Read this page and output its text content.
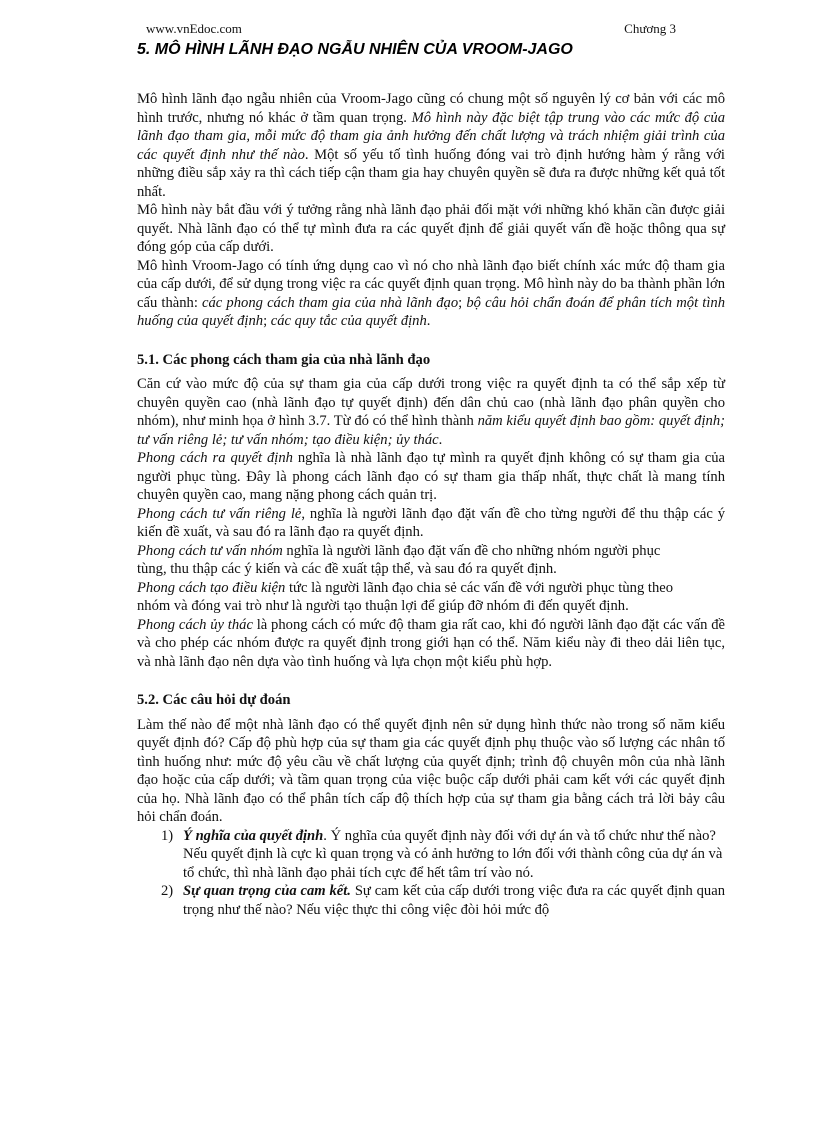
www.vnEdoc.com	Chương 3
5. MÔ HÌNH LÃNH ĐẠO NGẪU NHIÊN CỦA VROOM-JAGO

Mô hình lãnh đạo ngẫu nhiên của Vroom-Jago cũng có chung một số nguyên lý cơ bản với các mô hình trước, nhưng nó khác ở tầm quan trọng. Mô hình này đặc biệt tập trung vào các mức độ của lãnh đạo tham gia, mỗi mức độ tham gia ảnh hưởng đến chất lượng và trách nhiệm giải trình của các quyết định như thế nào. Một số yếu tố tình huống đóng vai trò định hướng hàm ý rằng với những điều sắp xảy ra thì cách tiếp cận tham gia hay chuyên quyền sẽ đưa ra được những kết quả tốt nhất.

Mô hình này bắt đầu với ý tưởng rằng nhà lãnh đạo phải đối mặt với những khó khăn cần được giải quyết. Nhà lãnh đạo có thể tự mình đưa ra các quyết định để giải quyết vấn đề hoặc thông qua sự đóng góp của cấp dưới.

Mô hình Vroom-Jago có tính ứng dụng cao vì nó cho nhà lãnh đạo biết chính xác mức độ tham gia của cấp dưới, để sử dụng trong việc ra các quyết định quan trọng. Mô hình này do ba thành phần lớn cấu thành: các phong cách tham gia của nhà lãnh đạo; bộ câu hỏi chẩn đoán để phân tích một tình huống của quyết định; các quy tắc của quyết định.

5.1. Các phong cách tham gia của nhà lãnh đạo

Căn cứ vào mức độ của sự tham gia của cấp dưới trong việc ra quyết định ta có thể sắp xếp từ chuyên quyền cao (nhà lãnh đạo tự quyết định) đến dân chủ cao (nhà lãnh đạo phân quyền cho nhóm), như minh họa ở hình 3.7. Từ đó có thể hình thành năm kiểu quyết định bao gồm: quyết định; tư vấn riêng lẻ; tư vấn nhóm; tạo điều kiện; ủy thác.

Phong cách ra quyết định nghĩa là nhà lãnh đạo tự mình ra quyết định không có sự tham gia của người phục tùng. Đây là phong cách lãnh đạo có sự tham gia thấp nhất, thực chất là mang tính chuyên quyền cao, mang nặng phong cách quản trị.

Phong cách tư vấn riêng lẻ, nghĩa là người lãnh đạo đặt vấn đề cho từng người để thu thập các ý kiến đề xuất, và sau đó ra lãnh đạo ra quyết định.

Phong cách tư vấn nhóm nghĩa là người lãnh đạo đặt vấn đề cho những nhóm người phục tùng, thu thập các ý kiến và các đề xuất tập thể, và sau đó ra quyết định.

Phong cách tạo điều kiện tức là người lãnh đạo chia sẻ các vấn đề với người phục tùng theo nhóm và đóng vai trò như là người tạo thuận lợi để giúp đỡ nhóm đi đến quyết định.

Phong cách ủy thác là phong cách có mức độ tham gia rất cao, khi đó người lãnh đạo đặt các vấn đề và cho phép các nhóm được ra quyết định trong giới hạn có thể. Năm kiểu này đi theo dải liên tục, và nhà lãnh đạo nên dựa vào tình huống và lựa chọn một kiểu phù hợp.

5.2. Các câu hỏi dự đoán

Làm thế nào để một nhà lãnh đạo có thể quyết định nên sử dụng hình thức nào trong số năm kiểu quyết định đó? Cấp độ phù hợp của sự tham gia các quyết định phụ thuộc vào số lượng các nhân tố tình huống như: mức độ yêu cầu về chất lượng của quyết định; trình độ chuyên môn của nhà lãnh đạo hoặc của cấp dưới; và tầm quan trọng của việc buộc cấp dưới phải cam kết với các quyết định của họ. Nhà lãnh đạo có thể phân tích cấp độ thích hợp của sự tham gia bằng cách trả lời bảy câu hỏi chẩn đoán.

1) Ý nghĩa của quyết định. Ý nghĩa của quyết định này đối với dự án và tổ chức như thế nào? Nếu quyết định là cực kì quan trọng và có ảnh hưởng to lớn đối với thành công của dự án và tổ chức, thì nhà lãnh đạo phải tích cực để hết tâm trí vào nó.
2) Sự quan trọng của cam kết. Sự cam kết của cấp dưới trong việc đưa ra các quyết định quan trọng như thế nào? Nếu việc thực thi công việc đòi hỏi mức độ
